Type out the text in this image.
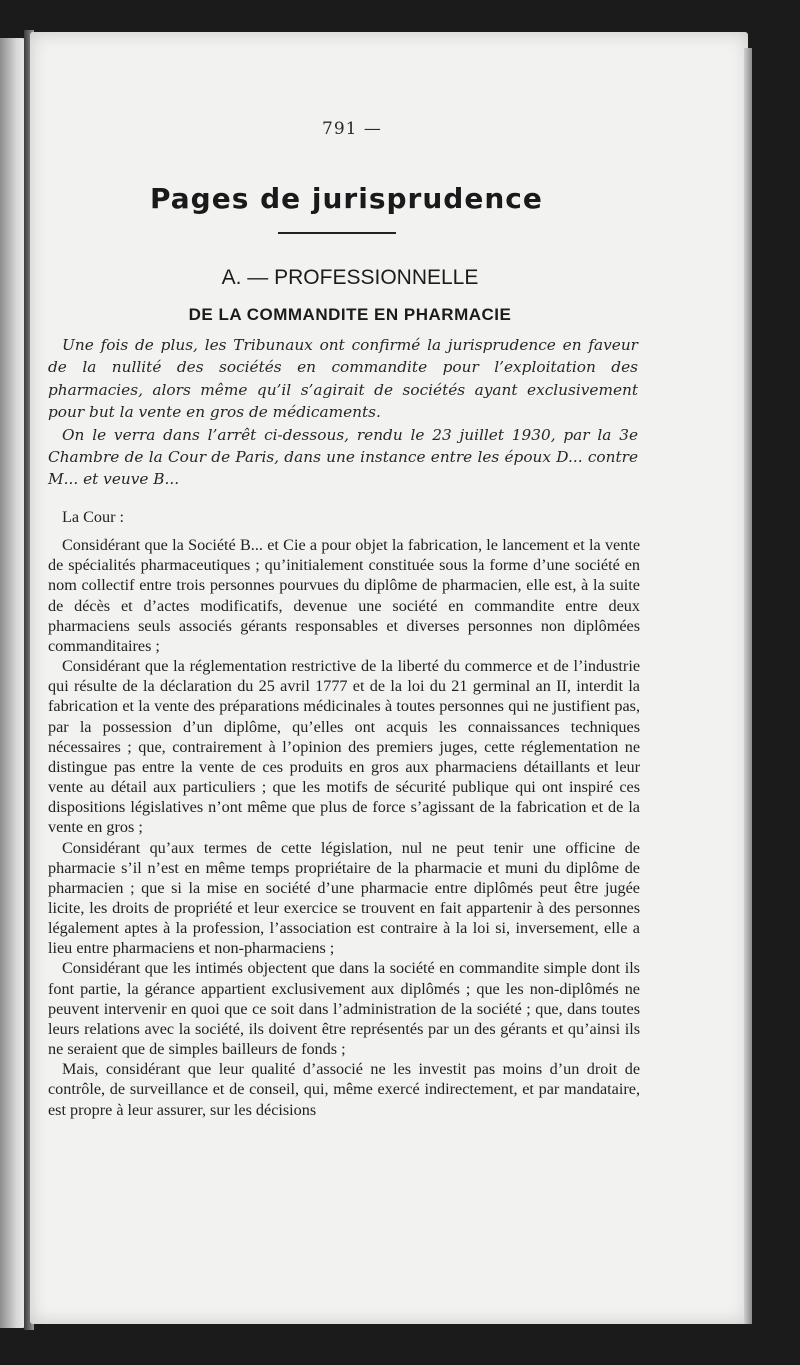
791 —
Pages de jurisprudence
A. — PROFESSIONNELLE
DE LA COMMANDITE EN PHARMACIE

Une fois de plus, les Tribunaux ont confirmé la jurisprudence en faveur de la nullité des sociétés en commandite pour l’exploitation des pharmacies, alors même qu’il s’agirait de sociétés ayant exclusivement pour but la vente en gros de médicaments.

On le verra dans l’arrêt ci-dessous, rendu le 23 juillet 1930, par la 3e Chambre de la Cour de Paris, dans une instance entre les époux D... contre M... et veuve B...

La Cour :

Considérant que la Société B... et Cie a pour objet la fabrication, le lancement et la vente de spécialités pharmaceutiques ; qu’initialement constituée sous la forme d’une société en nom collectif entre trois personnes pourvues du diplôme de pharmacien, elle est, à la suite de décès et d’actes modificatifs, devenue une société en commandite entre deux pharmaciens seuls associés gérants responsables et diverses personnes non diplômées commanditaires ;

Considérant que la réglementation restrictive de la liberté du commerce et de l’industrie qui résulte de la déclaration du 25 avril 1777 et de la loi du 21 germinal an II, interdit la fabrication et la vente des préparations médicinales à toutes personnes qui ne justifient pas, par la possession d’un diplôme, qu’elles ont acquis les connaissances techniques nécessaires ; que, contrairement à l’opinion des premiers juges, cette réglementation ne distingue pas entre la vente de ces produits en gros aux pharmaciens détaillants et leur vente au détail aux particuliers ; que les motifs de sécurité publique qui ont inspiré ces dispositions législatives n’ont même que plus de force s’agissant de la fabrication et de la vente en gros ;

Considérant qu’aux termes de cette législation, nul ne peut tenir une officine de pharmacie s’il n’est en même temps propriétaire de la pharmacie et muni du diplôme de pharmacien ; que si la mise en société d’une pharmacie entre diplômés peut être jugée licite, les droits de propriété et leur exercice se trouvent en fait appartenir à des personnes légalement aptes à la profession, l’association est contraire à la loi si, inversement, elle a lieu entre pharmaciens et non-pharmaciens ;

Considérant que les intimés objectent que dans la société en commandite simple dont ils font partie, la gérance appartient exclusivement aux diplômés ; que les non-diplômés ne peuvent intervenir en quoi que ce soit dans l’administration de la société ; que, dans toutes leurs relations avec la société, ils doivent être représentés par un des gérants et qu’ainsi ils ne seraient que de simples bailleurs de fonds ;

Mais, considérant que leur qualité d’associé ne les investit pas moins d’un droit de contrôle, de surveillance et de conseil, qui, même exercé indirectement, et par mandataire, est propre à leur assurer, sur les décisions
